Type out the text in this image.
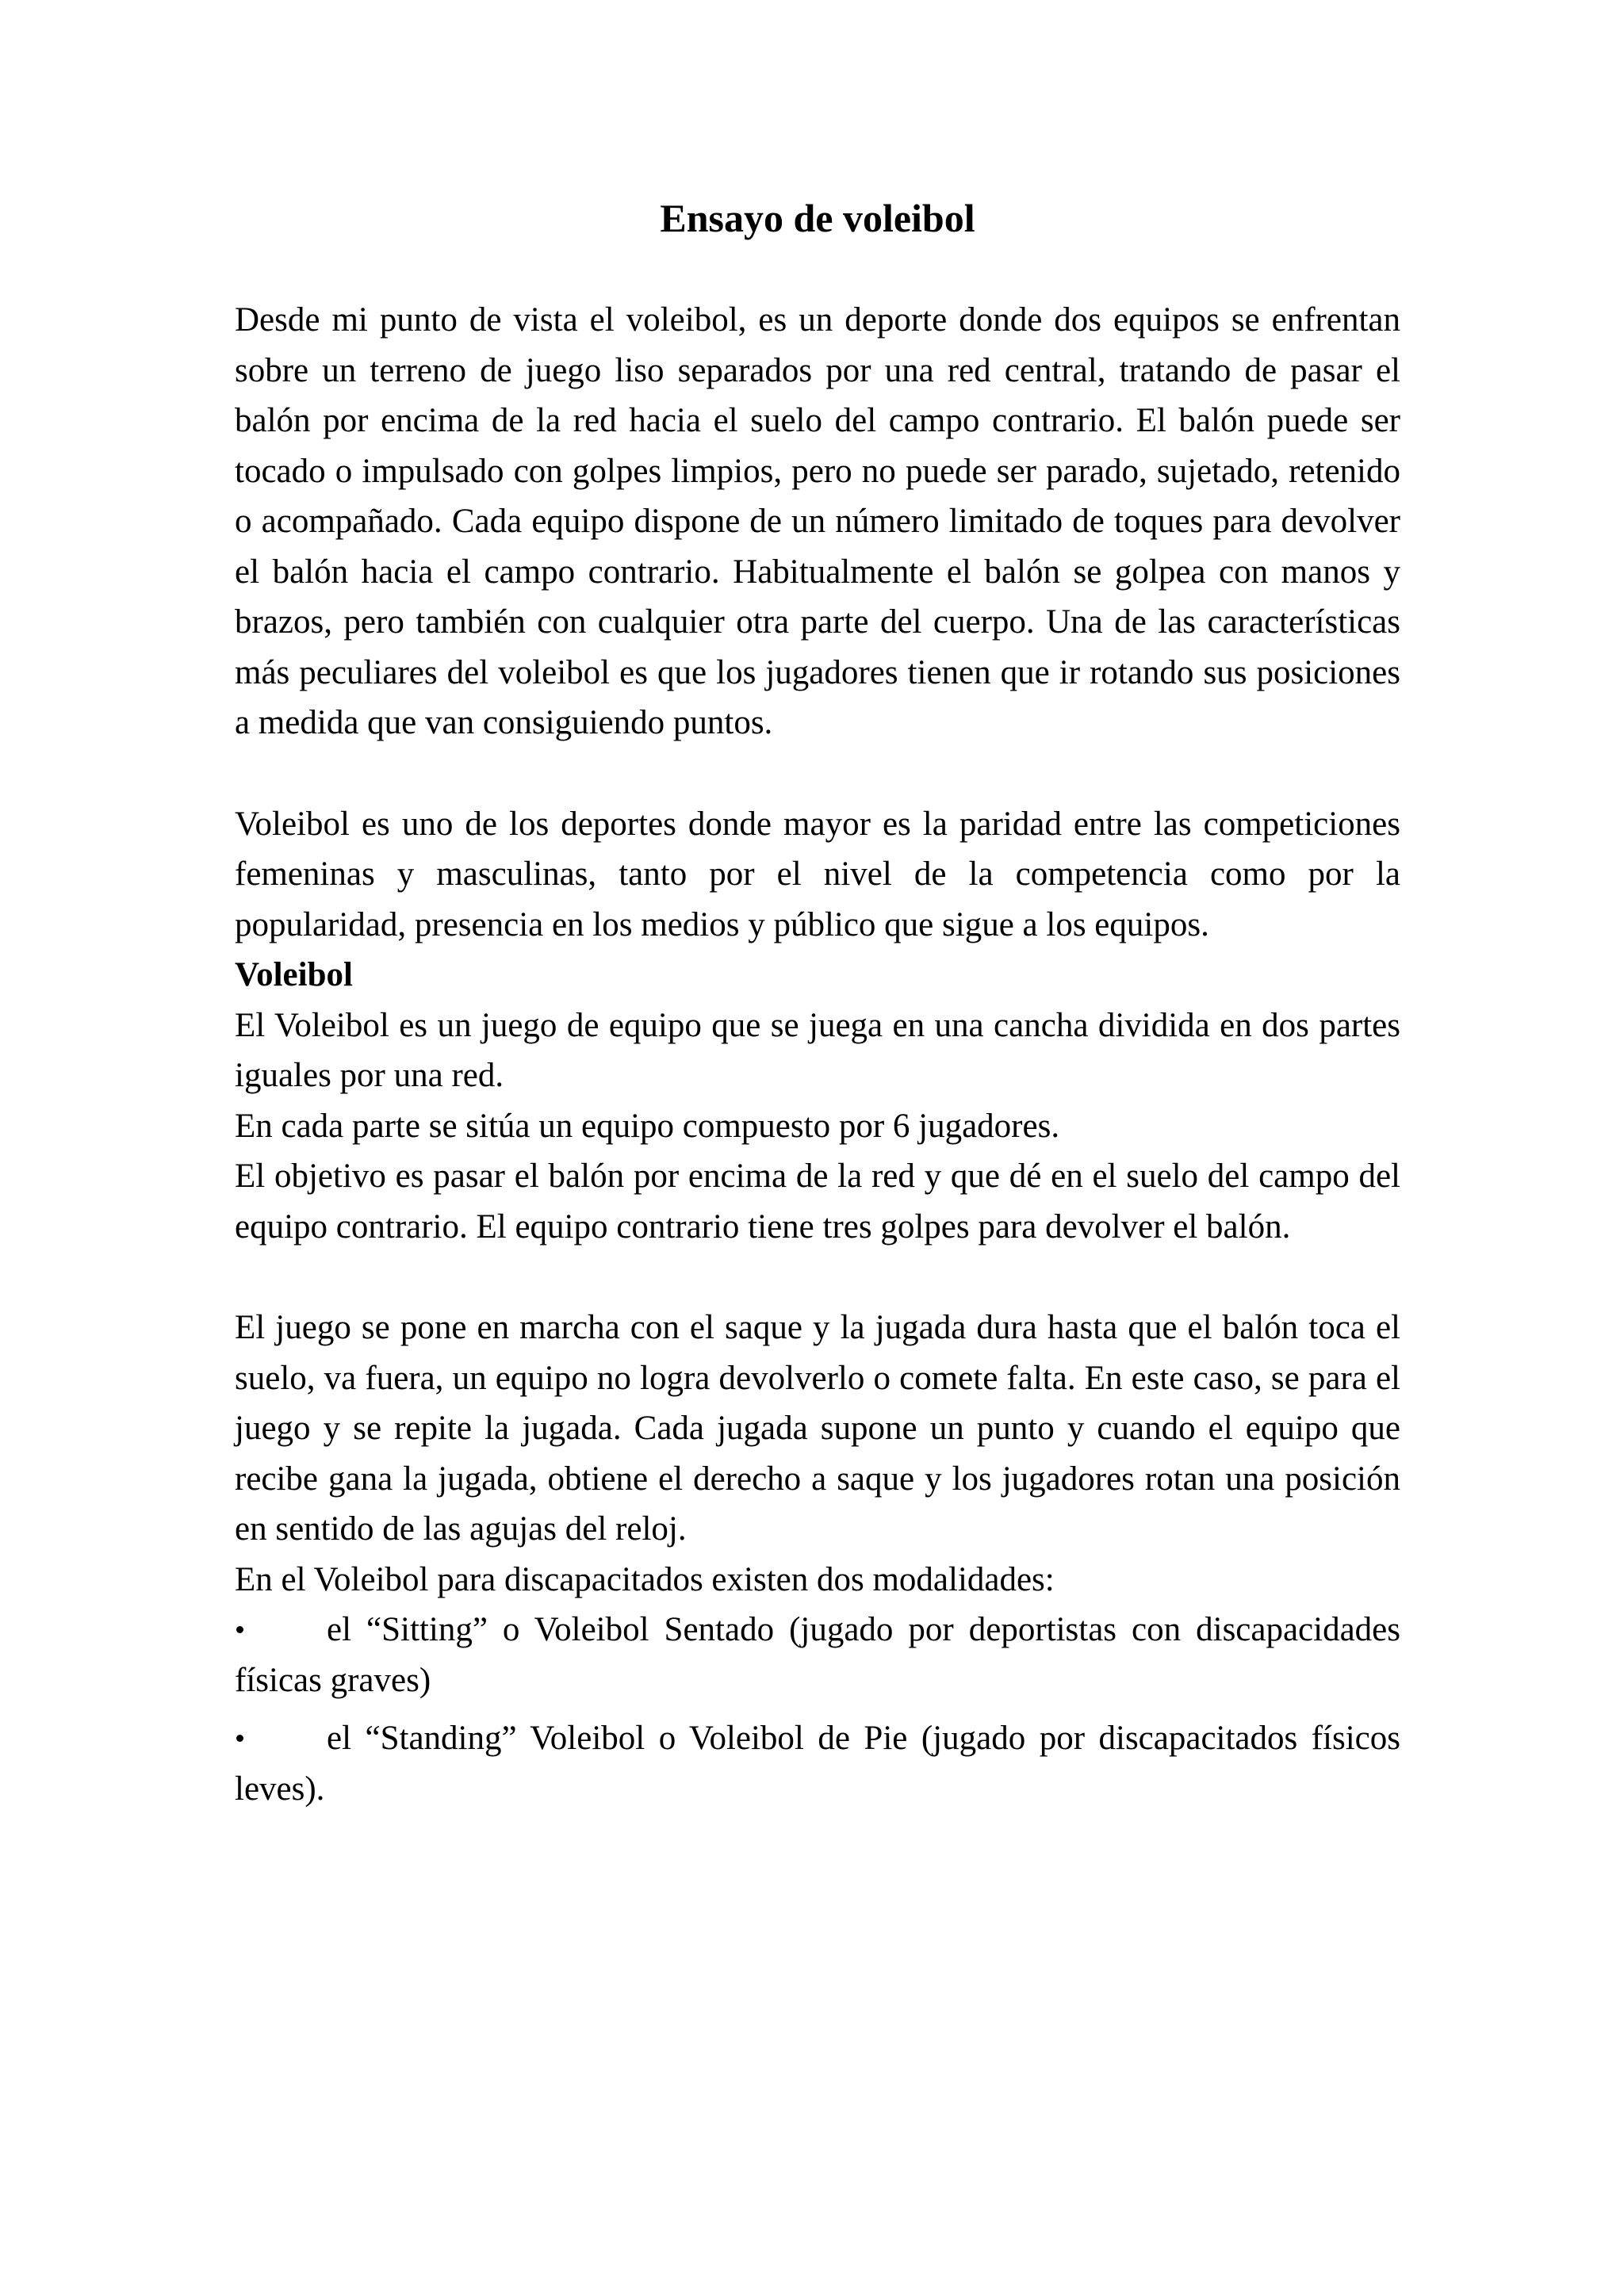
Ensayo de voleibol

Desde mi punto de vista el voleibol, es un deporte donde dos equipos se enfrentan sobre un terreno de juego liso separados por una red central, tratando de pasar el balón por encima de la red hacia el suelo del campo contrario. El balón puede ser tocado o impulsado con golpes limpios, pero no puede ser parado, sujetado, retenido o acompañado. Cada equipo dispone de un número limitado de toques para devolver el balón hacia el campo contrario. Habitualmente el balón se golpea con manos y brazos, pero también con cualquier otra parte del cuerpo. Una de las características más peculiares del voleibol es que los jugadores tienen que ir rotando sus posiciones a medida que van consiguiendo puntos.

Voleibol es uno de los deportes donde mayor es la paridad entre las competiciones femeninas y masculinas, tanto por el nivel de la competencia como por la popularidad, presencia en los medios y público que sigue a los equipos.

Voleibol

El Voleibol es un juego de equipo que se juega en una cancha dividida en dos partes iguales por una red.

En cada parte se sitúa un equipo compuesto por 6 jugadores.

El objetivo es pasar el balón por encima de la red y que dé en el suelo del campo del equipo contrario. El equipo contrario tiene tres golpes para devolver el balón.

El juego se pone en marcha con el saque y la jugada dura hasta que el balón toca el suelo, va fuera, un equipo no logra devolverlo o comete falta. En este caso, se para el juego y se repite la jugada. Cada jugada supone un punto y cuando el equipo que recibe gana la jugada, obtiene el derecho a saque y los jugadores rotan una posición en sentido de las agujas del reloj.

En el Voleibol para discapacitados existen dos modalidades:

el “Sitting” o Voleibol Sentado (jugado por deportistas con discapacidades físicas graves)
el “Standing” Voleibol o Voleibol de Pie (jugado por discapacitados físicos leves).
